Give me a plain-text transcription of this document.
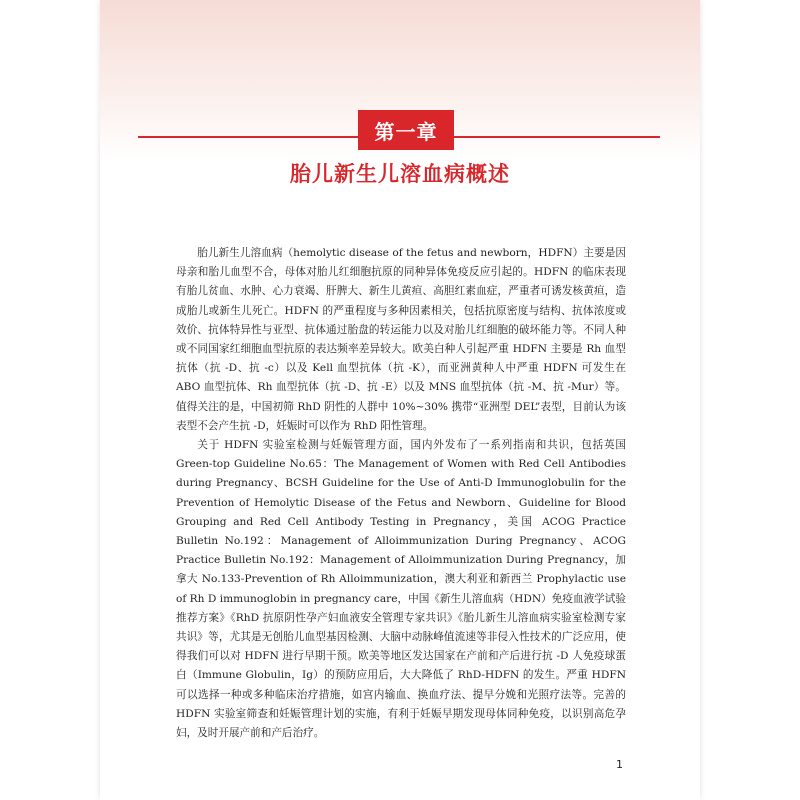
第一章
胎儿新生儿溶血病概述

胎儿新生儿溶血病（hemolytic disease of the fetus and newborn，HDFN）主要是因母亲和胎儿血型不合，母体对胎儿红细胞抗原的同种异体免疫反应引起的。HDFN 的临床表现有胎儿贫血、水肿、心力衰竭、肝脾大、新生儿黄疸、高胆红素血症，严重者可诱发核黄疸，造成胎儿或新生儿死亡。HDFN 的严重程度与多种因素相关，包括抗原密度与结构、抗体浓度或效价、抗体特异性与亚型、抗体通过胎盘的转运能力以及对胎儿红细胞的破坏能力等。不同人种或不同国家红细胞血型抗原的表达频率差异较大。欧美白种人引起严重 HDFN 主要是 Rh 血型抗体（抗 -D、抗 -c）以及 Kell 血型抗体（抗 -K），而亚洲黄种人中严重 HDFN 可发生在 ABO 血型抗体、Rh 血型抗体（抗 -D、抗 -E）以及 MNS 血型抗体（抗 -M、抗 -Mur）等。值得关注的是，中国初筛 RhD 阴性的人群中 10%~30% 携带“亚洲型 DEL”表型，目前认为该表型不会产生抗 -D，妊娠时可以作为 RhD 阳性管理。

关于 HDFN 实验室检测与妊娠管理方面，国内外发布了一系列指南和共识，包括英国 Green-top Guideline No.65：The Management of Women with Red Cell Antibodies during Pregnancy、BCSH Guideline for the Use of Anti-D Immunoglobulin for the Prevention of Hemolytic Disease of the Fetus and Newborn、Guideline for Blood Grouping and Red Cell Antibody Testing in Pregnancy，美国 ACOG Practice Bulletin No.192：Management of Alloimmunization During Pregnancy、ACOG Practice Bulletin No.192：Management of Alloimmunization During Pregnancy，加拿大 No.133-Prevention of Rh Alloimmunization，澳大利亚和新西兰 Prophylactic use of Rh D immunoglobin in pregnancy care，中国《新生儿溶血病（HDN）免疫血液学试验推荐方案》《RhD 抗原阴性孕产妇血液安全管理专家共识》《胎儿新生儿溶血病实验室检测专家共识》等，尤其是无创胎儿血型基因检测、大脑中动脉峰值流速等非侵入性技术的广泛应用，使得我们可以对 HDFN 进行早期干预。欧美等地区发达国家在产前和产后进行抗 -D 人免疫球蛋白（Immune Globulin，Ig）的预防应用后，大大降低了 RhD-HDFN 的发生。严重 HDFN 可以选择一种或多种临床治疗措施，如宫内输血、换血疗法、提早分娩和光照疗法等。完善的 HDFN 实验室筛查和妊娠管理计划的实施，有利于妊娠早期发现母体同种免疫，以识别高危孕妇，及时开展产前和产后治疗。

1
